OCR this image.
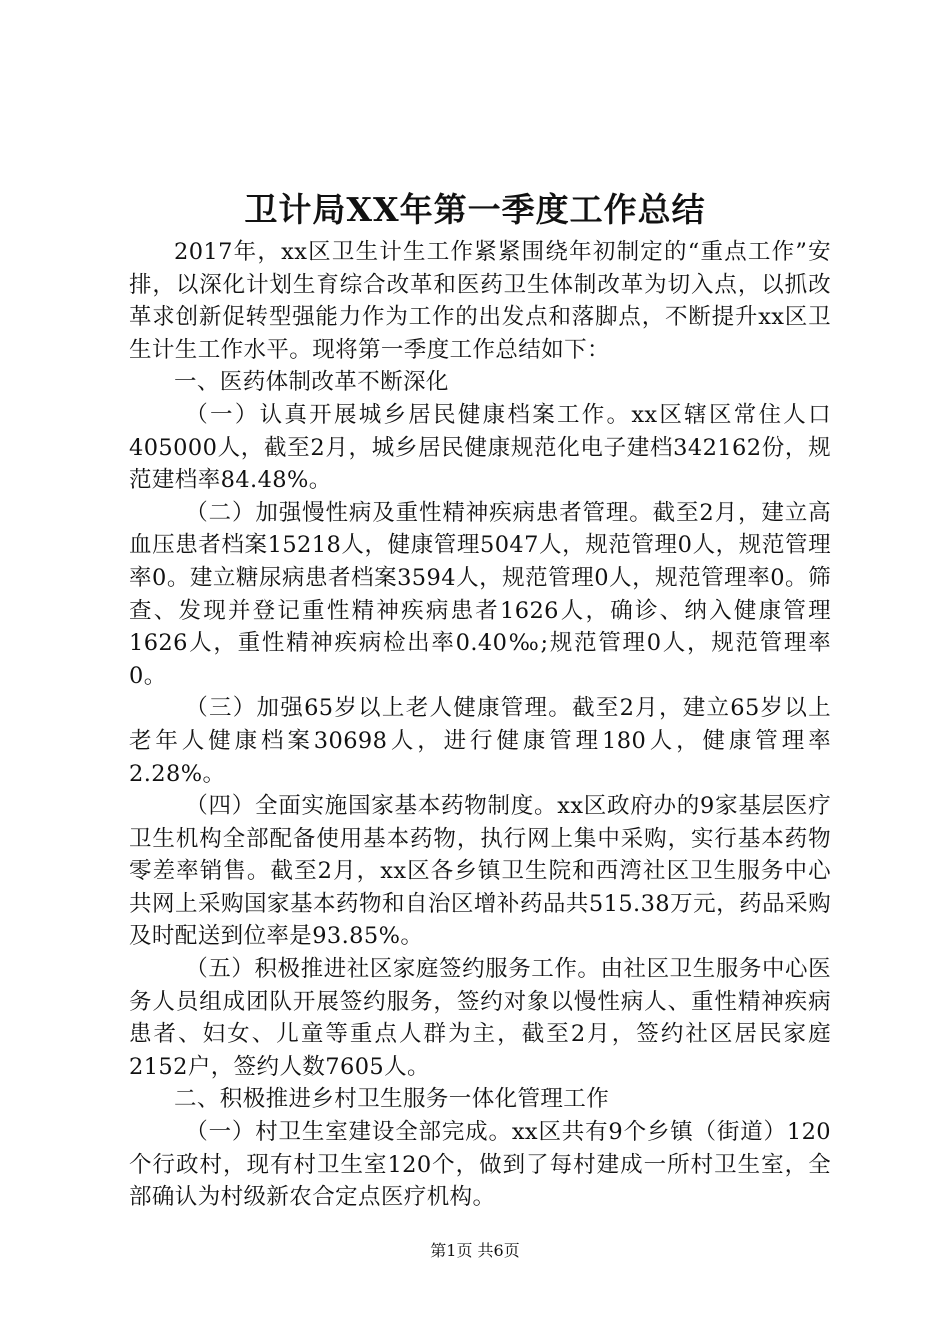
卫计局XX年第一季度工作总结

2017年，xx区卫生计生工作紧紧围绕年初制定的“重点工作”安排，以深化计划生育综合改革和医药卫生体制改革为切入点，以抓改革求创新促转型强能力作为工作的出发点和落脚点，不断提升xx区卫生计生工作水平。现将第一季度工作总结如下：

一、医药体制改革不断深化

（一）认真开展城乡居民健康档案工作。xx区辖区常住人口405000人，截至2月，城乡居民健康规范化电子建档342162份，规范建档率84.48%。

（二）加强慢性病及重性精神疾病患者管理。截至2月，建立高血压患者档案15218人，健康管理5047人，规范管理0人，规范管理率0。建立糖尿病患者档案3594人，规范管理0人，规范管理率0。筛查、发现并登记重性精神疾病患者1626人，确诊、纳入健康管理1626人，重性精神疾病检出率0.40‰;规范管理0人，规范管理率0。

（三）加强65岁以上老人健康管理。截至2月，建立65岁以上老年人健康档案30698人，进行健康管理180人，健康管理率2.28%。

（四）全面实施国家基本药物制度。xx区政府办的9家基层医疗卫生机构全部配备使用基本药物，执行网上集中采购，实行基本药物零差率销售。截至2月，xx区各乡镇卫生院和西湾社区卫生服务中心共网上采购国家基本药物和自治区增补药品共515.38万元，药品采购及时配送到位率是93.85%。

（五）积极推进社区家庭签约服务工作。由社区卫生服务中心医务人员组成团队开展签约服务，签约对象以慢性病人、重性精神疾病患者、妇女、儿童等重点人群为主，截至2月，签约社区居民家庭2152户，签约人数7605人。

二、积极推进乡村卫生服务一体化管理工作

（一）村卫生室建设全部完成。xx区共有9个乡镇（街道）120个行政村，现有村卫生室120个，做到了每村建成一所村卫生室，全部确认为村级新农合定点医疗机构。

第1页 共6页
